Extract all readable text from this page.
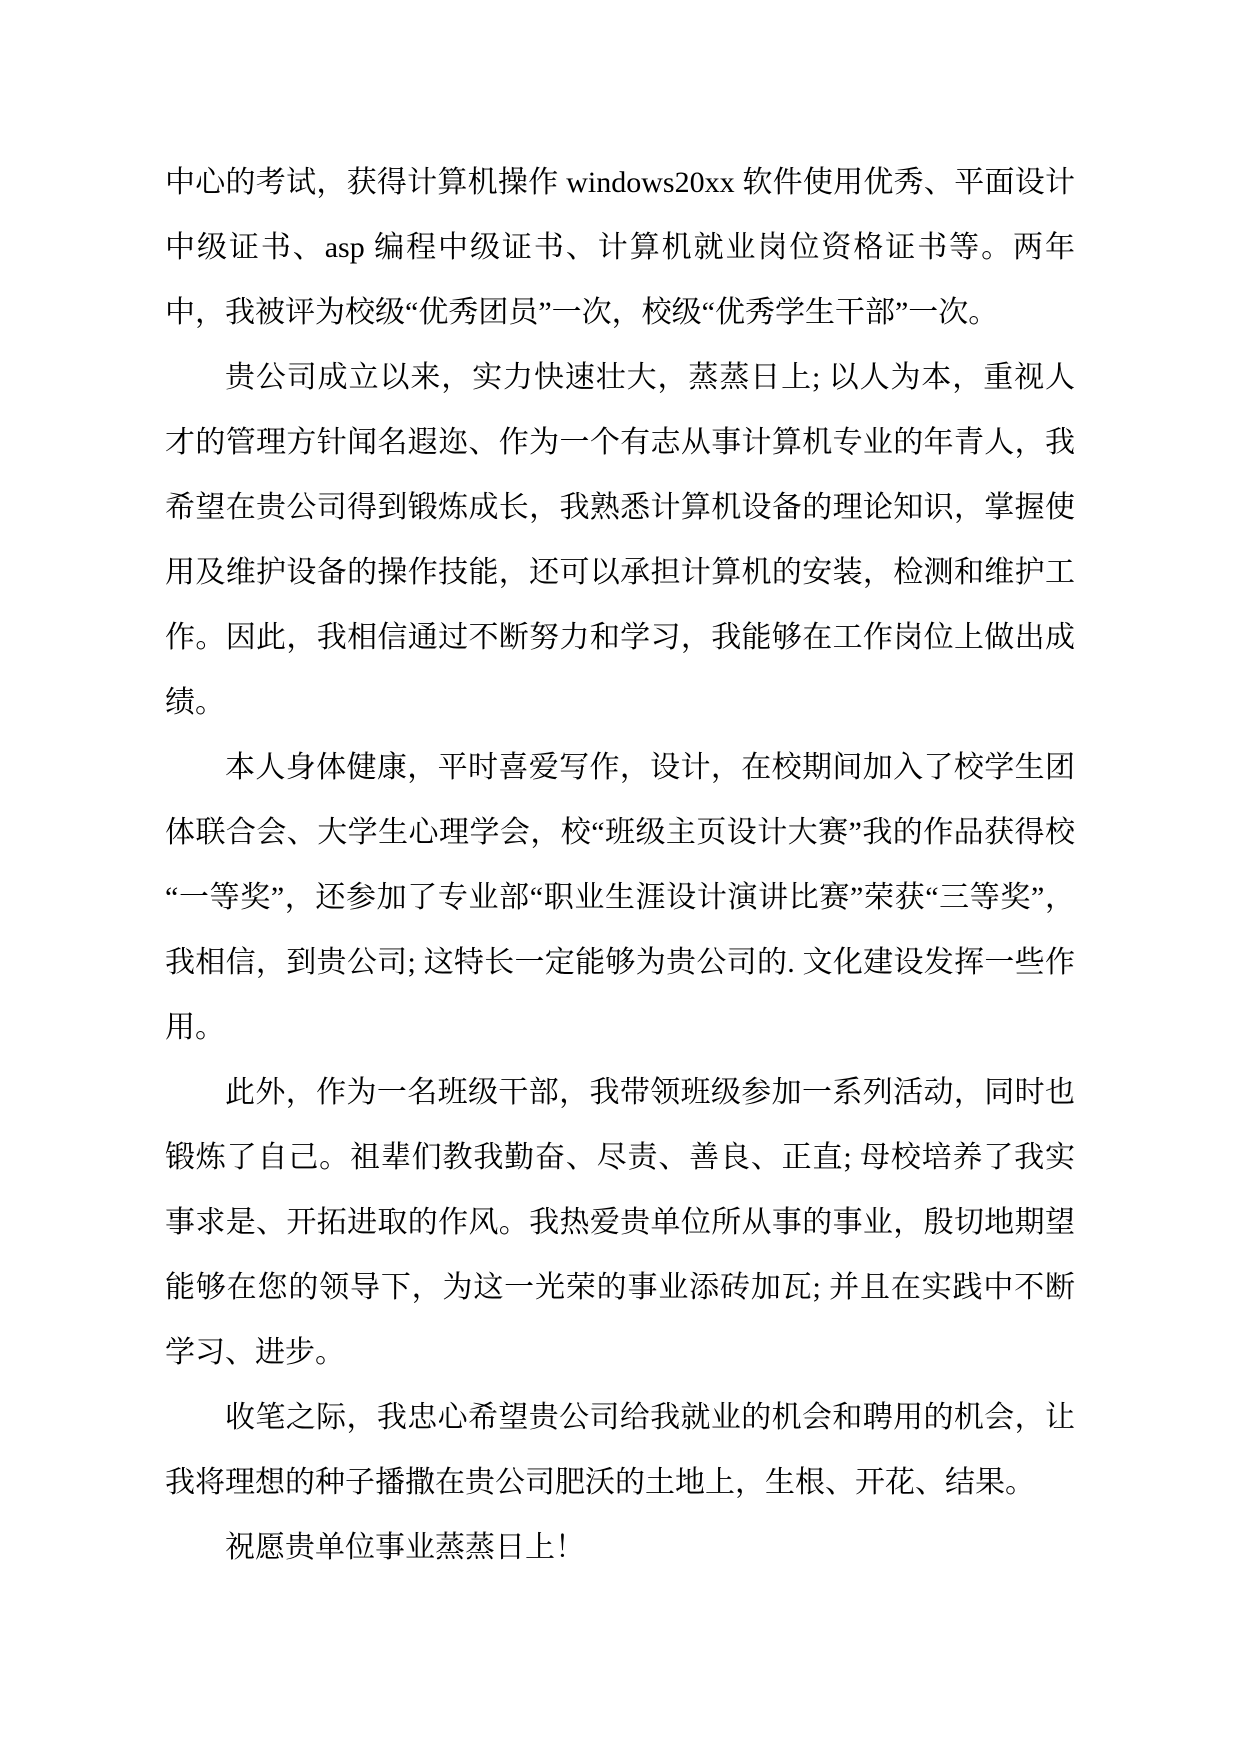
中心的考试，获得计算机操作 windows20xx 软件使用优秀、平面设计中级证书、asp 编程中级证书、计算机就业岗位资格证书等。两年中，我被评为校级“优秀团员”一次，校级“优秀学生干部”一次。

贵公司成立以来，实力快速壮大，蒸蒸日上; 以人为本，重视人才的管理方针闻名遐迩、作为一个有志从事计算机专业的年青人，我希望在贵公司得到锻炼成长，我熟悉计算机设备的理论知识，掌握使用及维护设备的操作技能，还可以承担计算机的安装，检测和维护工作。因此，我相信通过不断努力和学习，我能够在工作岗位上做出成绩。

本人身体健康，平时喜爱写作，设计，在校期间加入了校学生团体联合会、大学生心理学会，校“班级主页设计大赛”我的作品获得校“一等奖”，还参加了专业部“职业生涯设计演讲比赛”荣获“三等奖”，我相信，到贵公司; 这特长一定能够为贵公司的. 文化建设发挥一些作用。

此外，作为一名班级干部，我带领班级参加一系列活动，同时也锻炼了自己。祖辈们教我勤奋、尽责、善良、正直; 母校培养了我实事求是、开拓进取的作风。我热爱贵单位所从事的事业，殷切地期望能够在您的领导下，为这一光荣的事业添砖加瓦; 并且在实践中不断学习、进步。

收笔之际，我忠心希望贵公司给我就业的机会和聘用的机会，让我将理想的种子播撒在贵公司肥沃的土地上，生根、开花、结果。

祝愿贵单位事业蒸蒸日上！
